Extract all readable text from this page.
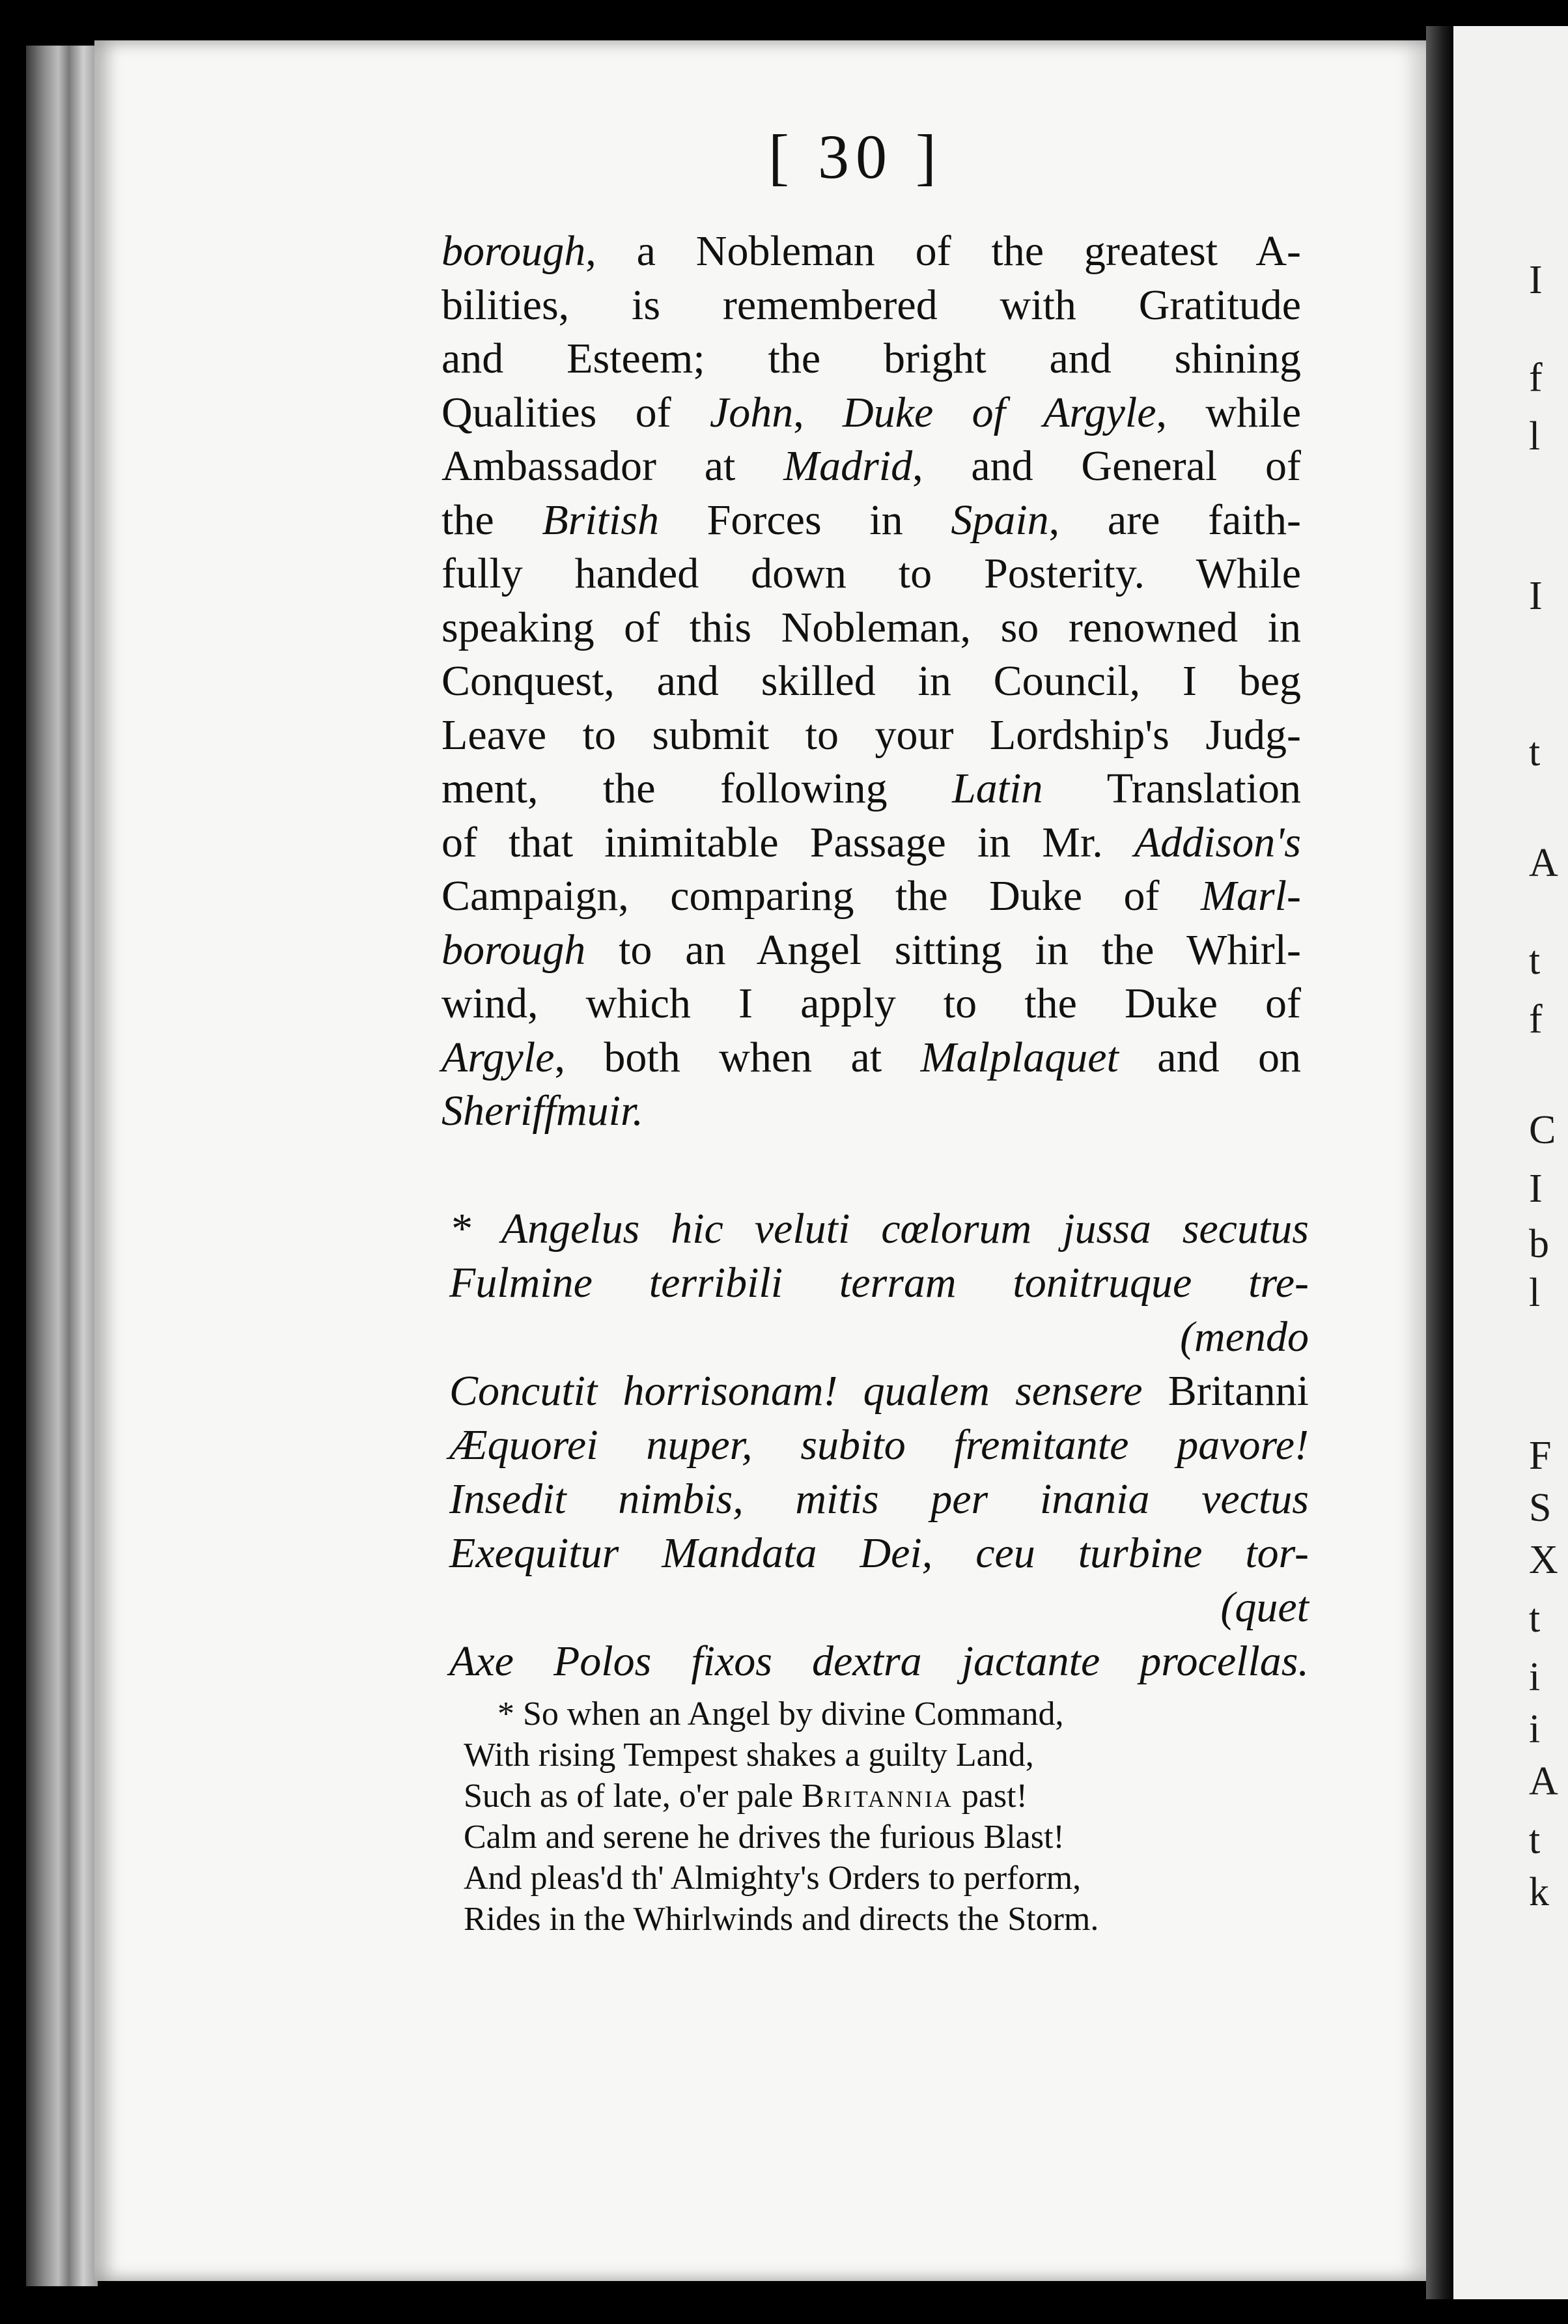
I
f
l
I
t
A
t
f
C
I
b
l
F
S
X
t
i
i
A
t
k
[ 30 ]
borough, a Nobleman of the greatest A-
bilities, is remembered with Gratitude
and Esteem; the bright and shining
Qualities of John, Duke of Argyle, while
Ambassador at Madrid, and General of
the British Forces in Spain, are faith-
fully handed down to Posterity. While
speaking of this Nobleman, so renowned in
Conquest, and skilled in Council, I beg
Leave to submit to your Lordship's Judg-
ment, the following Latin Translation
of that inimitable Passage in Mr. Addison's
Campaign, comparing the Duke of Marl-
borough to an Angel sitting in the Whirl-
wind, which I apply to the Duke of
Argyle, both when at Malplaquet and on
Sheriffmuir.
* Angelus hic veluti cœlorum jussa secutus
Fulmine terribili terram tonitruque tre-
(mendo
Concutit horrisonam! qualem sensere Britanni
Æquorei nuper, subito fremitante pavore!
Insedit nimbis, mitis per inania vectus
Exequitur Mandata Dei, ceu turbine tor-
(quet
Axe Polos fixos dextra jactante procellas.
* So when an Angel by divine Command,
With rising Tempest shakes a guilty Land,
Such as of late, o'er pale Britannia past!
Calm and serene he drives the furious Blast!
And pleas'd th' Almighty's Orders to perform,
Rides in the Whirlwinds and directs the Storm.
